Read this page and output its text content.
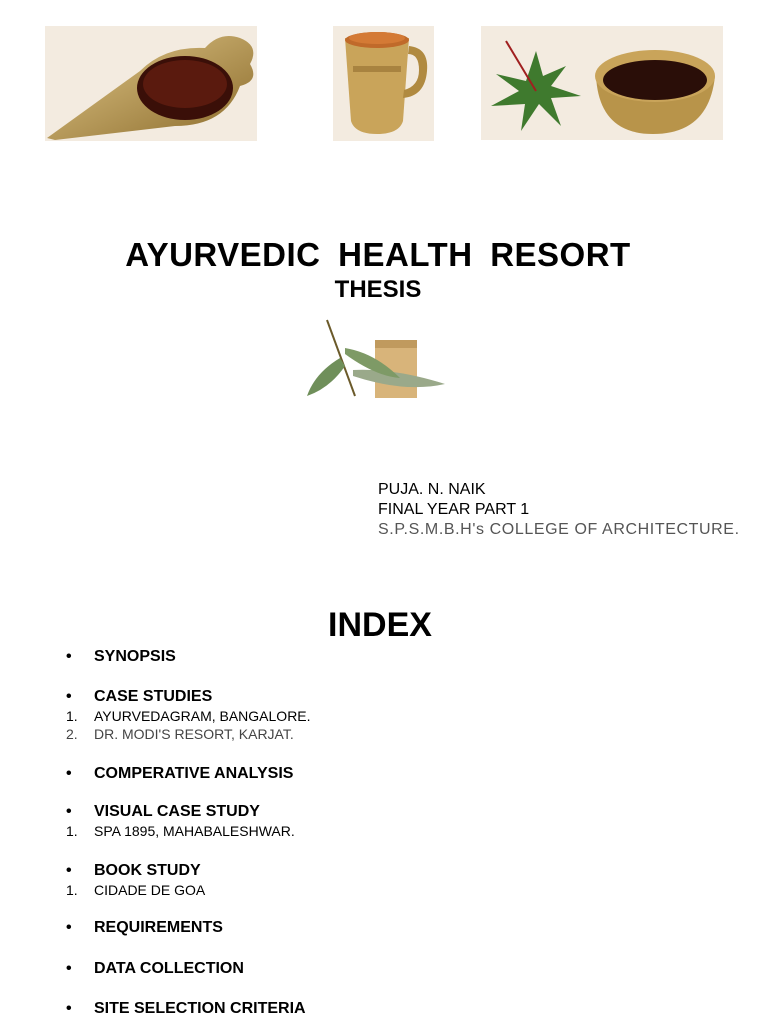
AYURVEDIC HEALTH RESORT
THESIS
PUJA. N. NAIK
FINAL YEAR PART 1
S.P.S.M.B.H's COLLEGE OF ARCHITECTURE.
INDEX
• SYNOPSIS
• CASE STUDIES
1. AYURVEDAGRAM, BANGALORE.
2. DR. MODI'S RESORT, KARJAT.
• COMPERATIVE ANALYSIS
• VISUAL CASE STUDY
1. SPA 1895, MAHABALESHWAR.
• BOOK STUDY
1. CIDADE DE GOA
• REQUIREMENTS
• DATA COLLECTION
• SITE SELECTION CRITERIA
